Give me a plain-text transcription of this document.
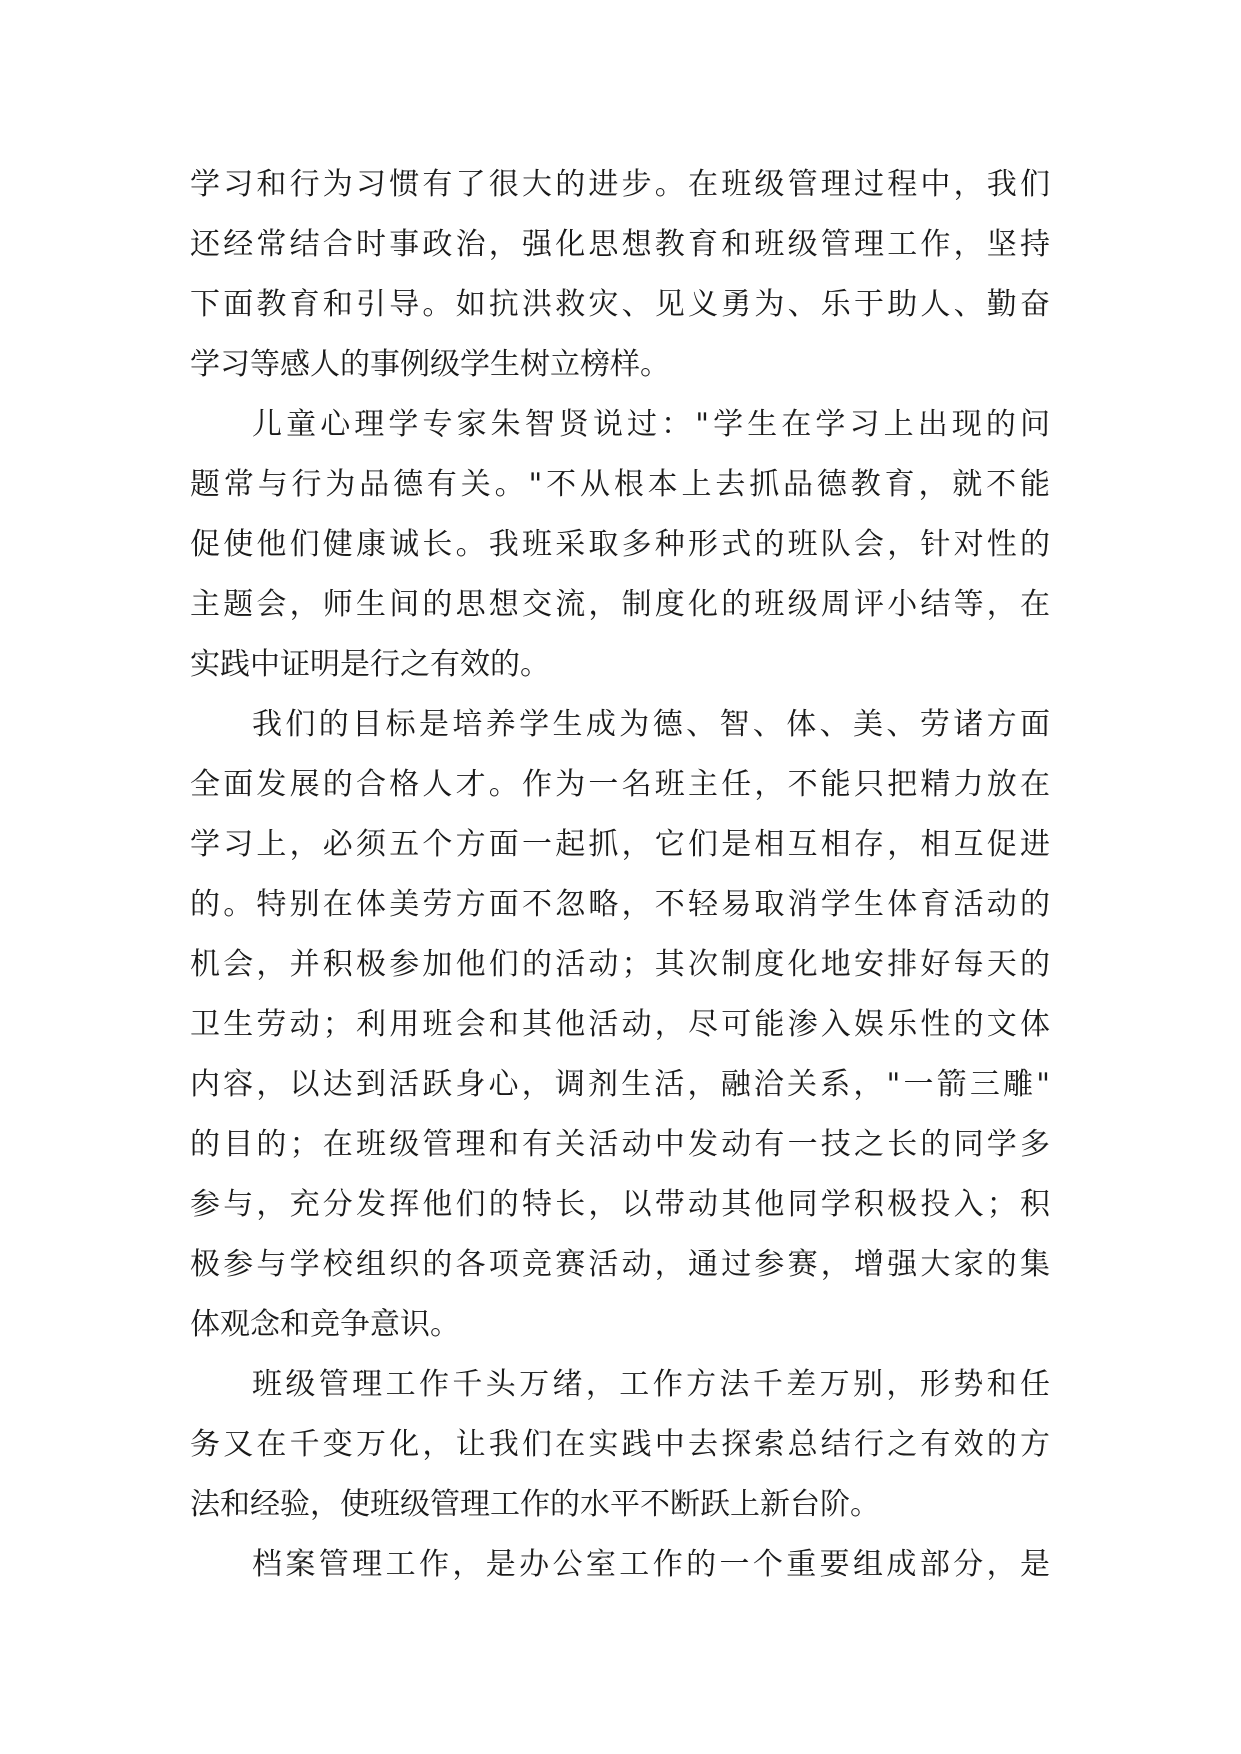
学习和行为习惯有了很大的进步。在班级管理过程中，我们
还经常结合时事政治，强化思想教育和班级管理工作，坚持
下面教育和引导。如抗洪救灾、见义勇为、乐于助人、勤奋
学习等感人的事例级学生树立榜样。

儿童心理学专家朱智贤说过："学生在学习上出现的问
题常与行为品德有关。"不从根本上去抓品德教育，就不能
促使他们健康诚长。我班采取多种形式的班队会，针对性的
主题会，师生间的思想交流，制度化的班级周评小结等，在
实践中证明是行之有效的。

我们的目标是培养学生成为德、智、体、美、劳诸方面
全面发展的合格人才。作为一名班主任，不能只把精力放在
学习上，必须五个方面一起抓，它们是相互相存，相互促进
的。特别在体美劳方面不忽略，不轻易取消学生体育活动的
机会，并积极参加他们的活动；其次制度化地安排好每天的
卫生劳动；利用班会和其他活动，尽可能渗入娱乐性的文体
内容，以达到活跃身心，调剂生活，融洽关系，"一箭三雕"
的目的；在班级管理和有关活动中发动有一技之长的同学多
参与，充分发挥他们的特长，以带动其他同学积极投入；积
极参与学校组织的各项竞赛活动，通过参赛，增强大家的集
体观念和竞争意识。

班级管理工作千头万绪，工作方法千差万别，形势和任
务又在千变万化，让我们在实践中去探索总结行之有效的方
法和经验，使班级管理工作的水平不断跃上新台阶。

档案管理工作，是办公室工作的一个重要组成部分，是
